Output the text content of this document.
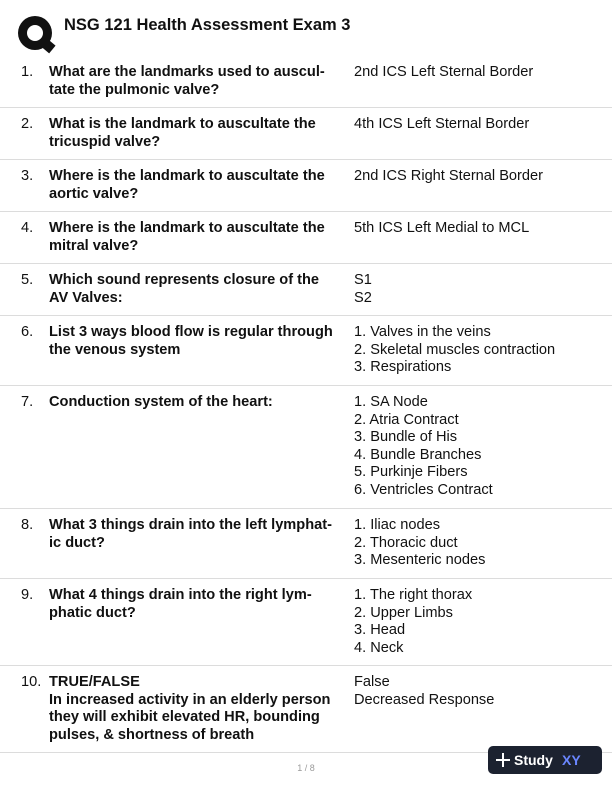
NSG 121 Health Assessment Exam 3
1. What are the landmarks used to auscul-
tate the pulmonic valve?
2nd ICS Left Sternal Border
2. What is the landmark to auscultate the
tricuspid valve?
4th ICS Left Sternal Border
3. Where is the landmark to auscultate the
aortic valve?
2nd ICS Right Sternal Border
4. Where is the landmark to auscultate the
mitral valve?
5th ICS Left Medial to MCL
5. Which sound represents closure of the
AV Valves:
S1
S2
6. List 3 ways blood flow is regular through
the venous system
1. Valves in the veins
2. Skeletal muscles contraction
3. Respirations
7. Conduction system of the heart:	1. SA Node
2. Atria Contract
3. Bundle of His
4. Bundle Branches
5. Purkinje Fibers
6. Ventricles Contract
8. What 3 things drain into the left lymphat-
ic duct?
1. Iliac nodes
2. Thoracic duct
3. Mesenteric nodes
9. What 4 things drain into the right lym-
phatic duct?
1. The right thorax
2. Upper Limbs
3. Head
4. Neck
10. TRUE/FALSE
In increased activity in an elderly person
they will exhibit elevated HR, bounding
pulses, & shortness of breath
False
Decreased Response
1 / 8	Study XY
